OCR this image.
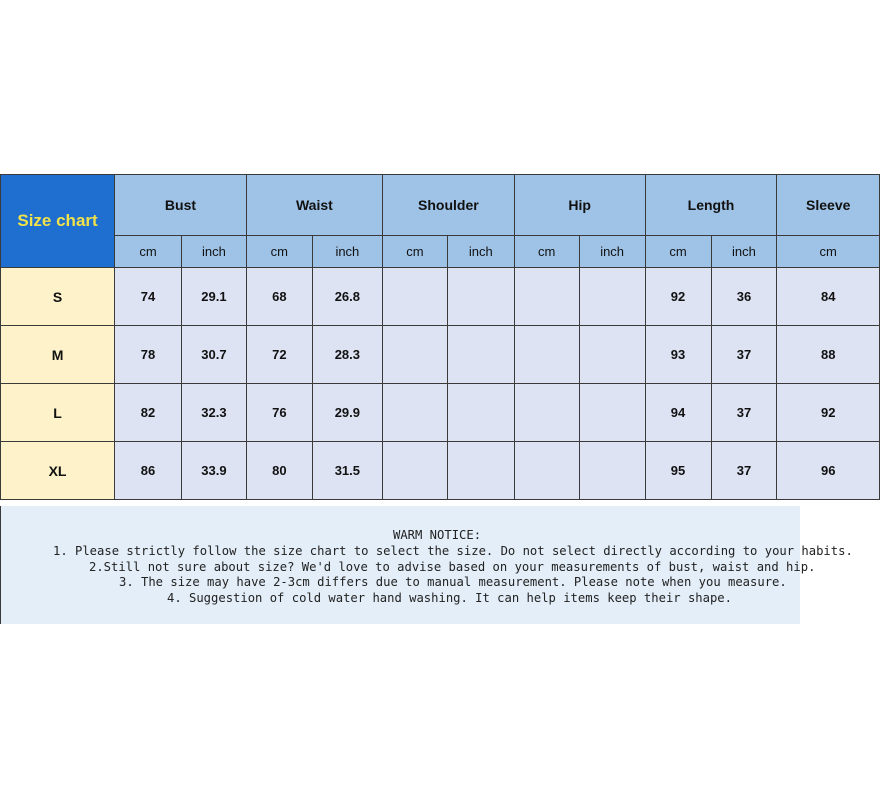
Size chart	Bust		Waist		Shoulder		Hip		Length		Sleeve
	cm	inch	cm	inch	cm	inch	cm	inch	cm	inch	cm
S	74	29.1	68	26.8					92	36	84
M	78	30.7	72	28.3					93	37	88
L	82	32.3	76	29.9					94	37	92
XL	86	33.9	80	31.5					95	37	96
WARM NOTICE:
1. Please strictly follow the size chart to select the size. Do not select directly according to your habits.
2.Still not sure about size? We'd love to advise based on your measurements of bust, waist and hip.
3. The size may have 2-3cm differs due to manual measurement. Please note when you measure.
4. Suggestion of cold water hand washing. It can help items keep their shape.
